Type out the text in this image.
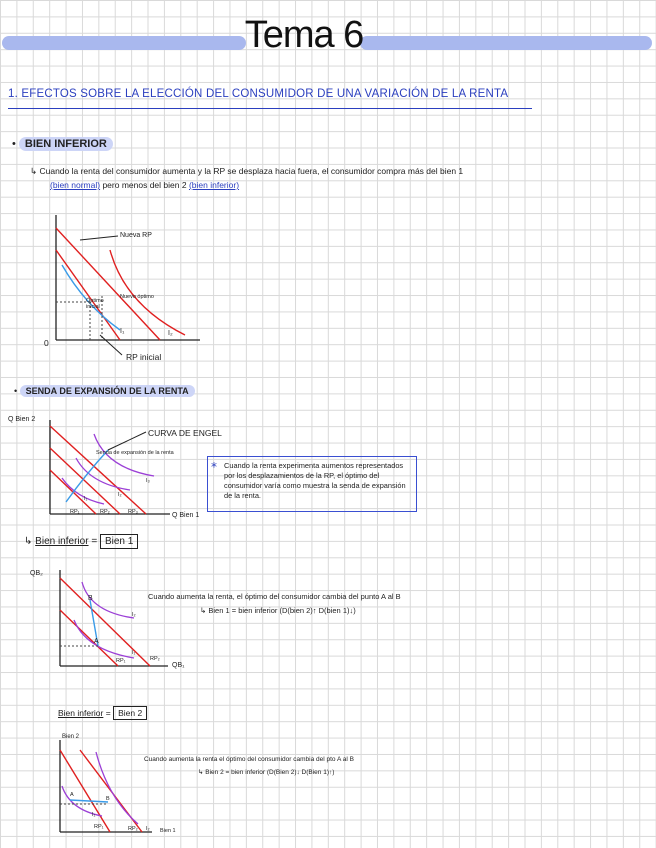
Tema 6
1. EFECTOS SOBRE LA ELECCIÓN DEL CONSUMIDOR DE UNA VARIACIÓN DE LA RENTA
• BIEN INFERIOR
↳ Cuando la renta del consumidor aumenta y la RP se desplaza hacia fuera, el consumidor compra más del bien 1
(bien normal) pero menos del bien 2 (bien inferior)
Nueva RP
Óptimo inicial
Nuevo óptimo
RP inicial
0
I₁	I₂
• SENDA DE EXPANSIÓN DE LA RENTA
Q Bien 2
CURVA DE ENGEL
Senda de expansión de la renta
I₁
I₂
I₃
RP₁	RP₂	RP₃	Q Bien 1
* Cuando la renta experimenta aumentos representados por los desplazamientos de la RP, el óptimo del consumidor varía como muestra la senda de expansión de la renta.
↳ Bien inferior = Bien 1
QB₂
B
A
I₁
I₂
RP₁	RP₂
QB₁
Cuando aumenta la renta, el óptimo del consumidor cambia del punto A al B
↳ Bien 1 = bien inferior (D(bien 2)↑ D(bien 1)↓)
Bien inferior = Bien 2
Bien 2
A
B
I₁
I₂
RP₁	RP₂	Bien 1
Cuando aumenta la renta el óptimo del consumidor cambia del pto A al B
↳ Bien 2 = bien inferior (D(Bien 2)↓ D(Bien 1)↑)
